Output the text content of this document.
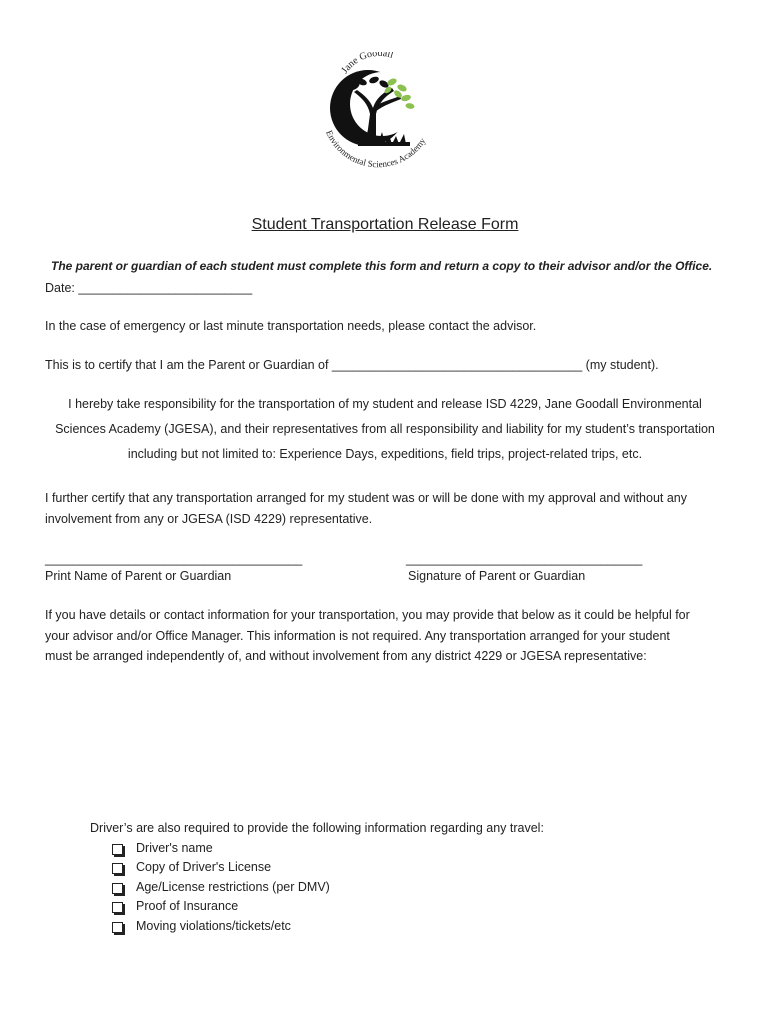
Jane Goodall
Environmental Sciences Academy
Student Transportation Release Form
The parent or guardian of each student must complete this form and return a copy to their advisor and/or the Office.
Date: _________________________
In the case of emergency or last minute transportation needs, please contact the advisor.
This is to certify that I am the Parent or Guardian of ____________________________________ (my student).
I hereby take responsibility for the transportation of my student and release ISD 4229, Jane Goodall Environmental
Sciences Academy (JGESA), and their representatives from all responsibility and liability for my student’s transportation
including but not limited to: Experience Days, expeditions, field trips, project-related trips, etc.
I further certify that any transportation arranged for my student was or will be done with my approval and without any
involvement from any or JGESA (ISD 4229) representative.
_____________________________________
Print Name of Parent or Guardian
__________________________________
Signature of Parent or Guardian
If you have details or contact information for your transportation, you may provide that below as it could be helpful for
your advisor and/or Office Manager. This information is not required. Any transportation arranged for your student
must be arranged independently of, and without involvement from any district 4229 or JGESA representative:
Driver’s are also required to provide the following information regarding any travel:
Driver's name
Copy of Driver's License
Age/License restrictions (per DMV)
Proof of Insurance
Moving violations/tickets/etc
